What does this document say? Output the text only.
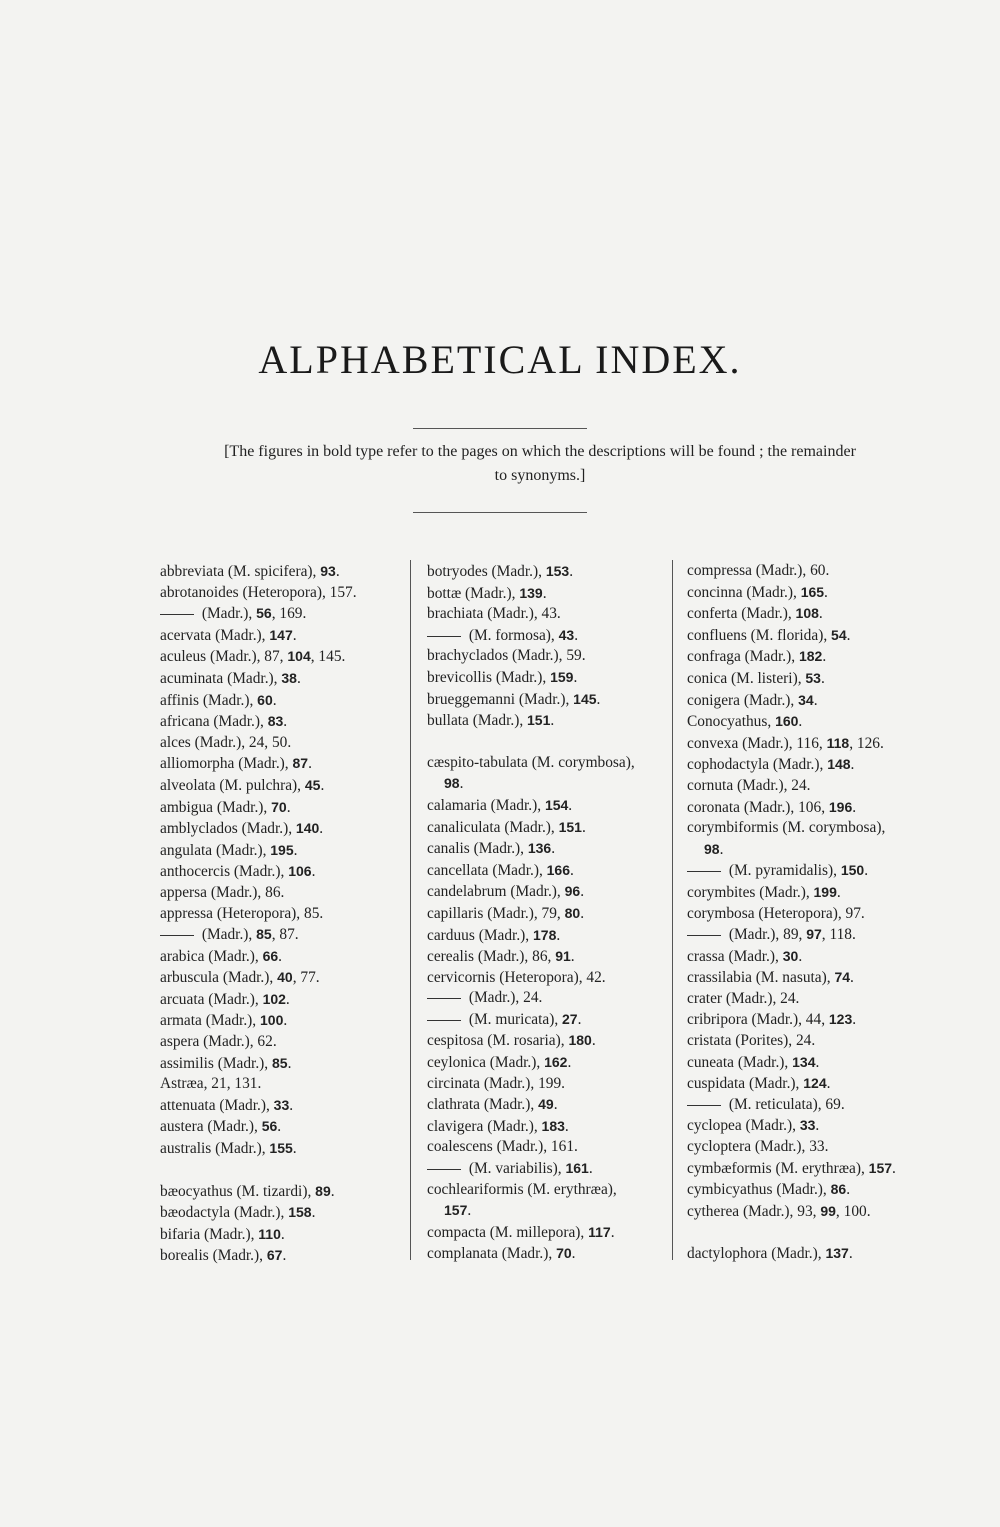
ALPHABETICAL INDEX.
[The figures in bold type refer to the pages on which the descriptions will be found ; the remainder
to synonyms.]
abbreviata (M. spicifera), 93.
abrotanoides (Heteropora), 157.
(Madr.), 56, 169.
acervata (Madr.), 147.
aculeus (Madr.), 87, 104, 145.
acuminata (Madr.), 38.
affinis (Madr.), 60.
africana (Madr.), 83.
alces (Madr.), 24, 50.
alliomorpha (Madr.), 87.
alveolata (M. pulchra), 45.
ambigua (Madr.), 70.
amblyclados (Madr.), 140.
angulata (Madr.), 195.
anthocercis (Madr.), 106.
appersa (Madr.), 86.
appressa (Heteropora), 85.
(Madr.), 85, 87.
arabica (Madr.), 66.
arbuscula (Madr.), 40, 77.
arcuata (Madr.), 102.
armata (Madr.), 100.
aspera (Madr.), 62.
assimilis (Madr.), 85.
Astræa, 21, 131.
attenuata (Madr.), 33.
austera (Madr.), 56.
australis (Madr.), 155.
bæocyathus (M. tizardi), 89.
bæodactyla (Madr.), 158.
bifaria (Madr.), 110.
borealis (Madr.), 67.
botryodes (Madr.), 153.
bottæ (Madr.), 139.
brachiata (Madr.), 43.
(M. formosa), 43.
brachyclados (Madr.), 59.
brevicollis (Madr.), 159.
brueggemanni (Madr.), 145.
bullata (Madr.), 151.
cæspito-tabulata (M. corymbosa),
98.
calamaria (Madr.), 154.
canaliculata (Madr.), 151.
canalis (Madr.), 136.
cancellata (Madr.), 166.
candelabrum (Madr.), 96.
capillaris (Madr.), 79, 80.
carduus (Madr.), 178.
cerealis (Madr.), 86, 91.
cervicornis (Heteropora), 42.
(Madr.), 24.
(M. muricata), 27.
cespitosa (M. rosaria), 180.
ceylonica (Madr.), 162.
circinata (Madr.), 199.
clathrata (Madr.), 49.
clavigera (Madr.), 183.
coalescens (Madr.), 161.
(M. variabilis), 161.
cochleariformis (M. erythræa),
157.
compacta (M. millepora), 117.
complanata (Madr.), 70.
compressa (Madr.), 60.
concinna (Madr.), 165.
conferta (Madr.), 108.
confluens (M. florida), 54.
confraga (Madr.), 182.
conica (M. listeri), 53.
conigera (Madr.), 34.
Conocyathus, 160.
convexa (Madr.), 116, 118, 126.
cophodactyla (Madr.), 148.
cornuta (Madr.), 24.
coronata (Madr.), 106, 196.
corymbiformis (M. corymbosa),
98.
(M. pyramidalis), 150.
corymbites (Madr.), 199.
corymbosa (Heteropora), 97.
(Madr.), 89, 97, 118.
crassa (Madr.), 30.
crassilabia (M. nasuta), 74.
crater (Madr.), 24.
cribripora (Madr.), 44, 123.
cristata (Porites), 24.
cuneata (Madr.), 134.
cuspidata (Madr.), 124.
(M. reticulata), 69.
cyclopea (Madr.), 33.
cycloptera (Madr.), 33.
cymbæformis (M. erythræa), 157.
cymbicyathus (Madr.), 86.
cytherea (Madr.), 93, 99, 100.
dactylophora (Madr.), 137.
